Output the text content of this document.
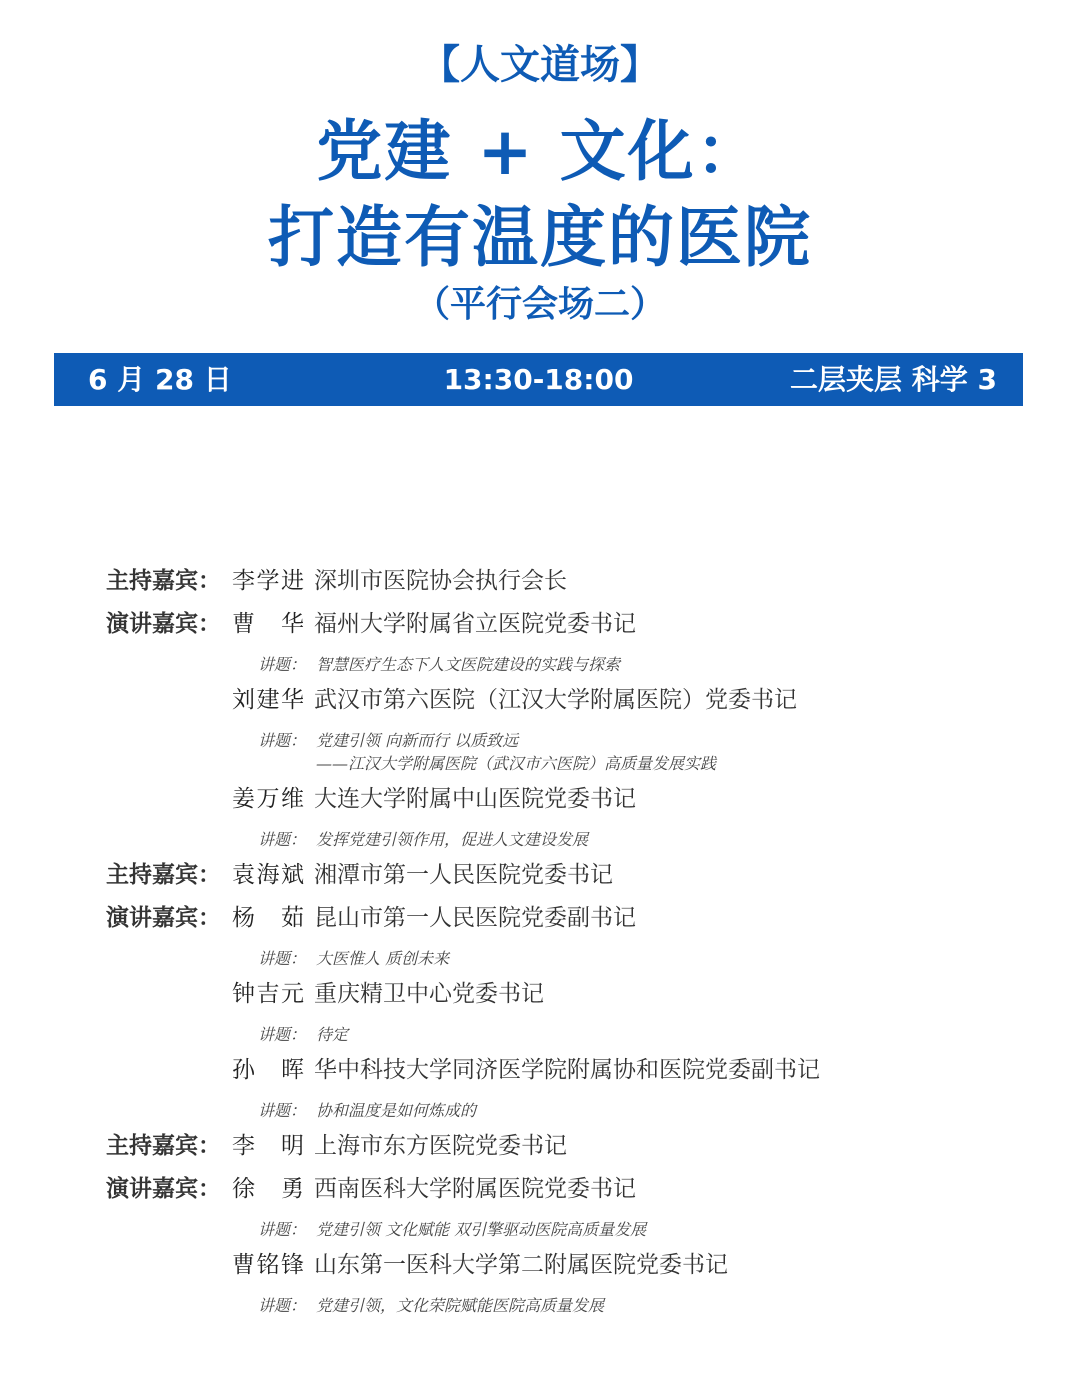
【人文道场】

党建 + 文化：

打造有温度的医院

（平行会场二）

6 月 28 日	13:30-18:00	二层夹层 科学 3
主持嘉宾： 李学进 深圳市医院协会执行会长
演讲嘉宾： 曹华 福州大学附属省立医院党委书记
讲题： 智慧医疗生态下人文医院建设的实践与探索
刘建华 武汉市第六医院（江汉大学附属医院）党委书记
讲题： 党建引领 向新而行 以质致远
——江汉大学附属医院（武汉市六医院）高质量发展实践
姜万维 大连大学附属中山医院党委书记
讲题： 发挥党建引领作用，促进人文建设发展
主持嘉宾： 袁海斌 湘潭市第一人民医院党委书记
演讲嘉宾： 杨茹 昆山市第一人民医院党委副书记
讲题： 大医惟人 质创未来
钟吉元 重庆精卫中心党委书记
讲题： 待定
孙晖 华中科技大学同济医学院附属协和医院党委副书记
讲题： 协和温度是如何炼成的
主持嘉宾： 李明 上海市东方医院党委书记
演讲嘉宾： 徐勇 西南医科大学附属医院党委书记
讲题： 党建引领 文化赋能 双引擎驱动医院高质量发展
曹铭锋 山东第一医科大学第二附属医院党委书记
讲题： 党建引领，文化荣院赋能医院高质量发展
